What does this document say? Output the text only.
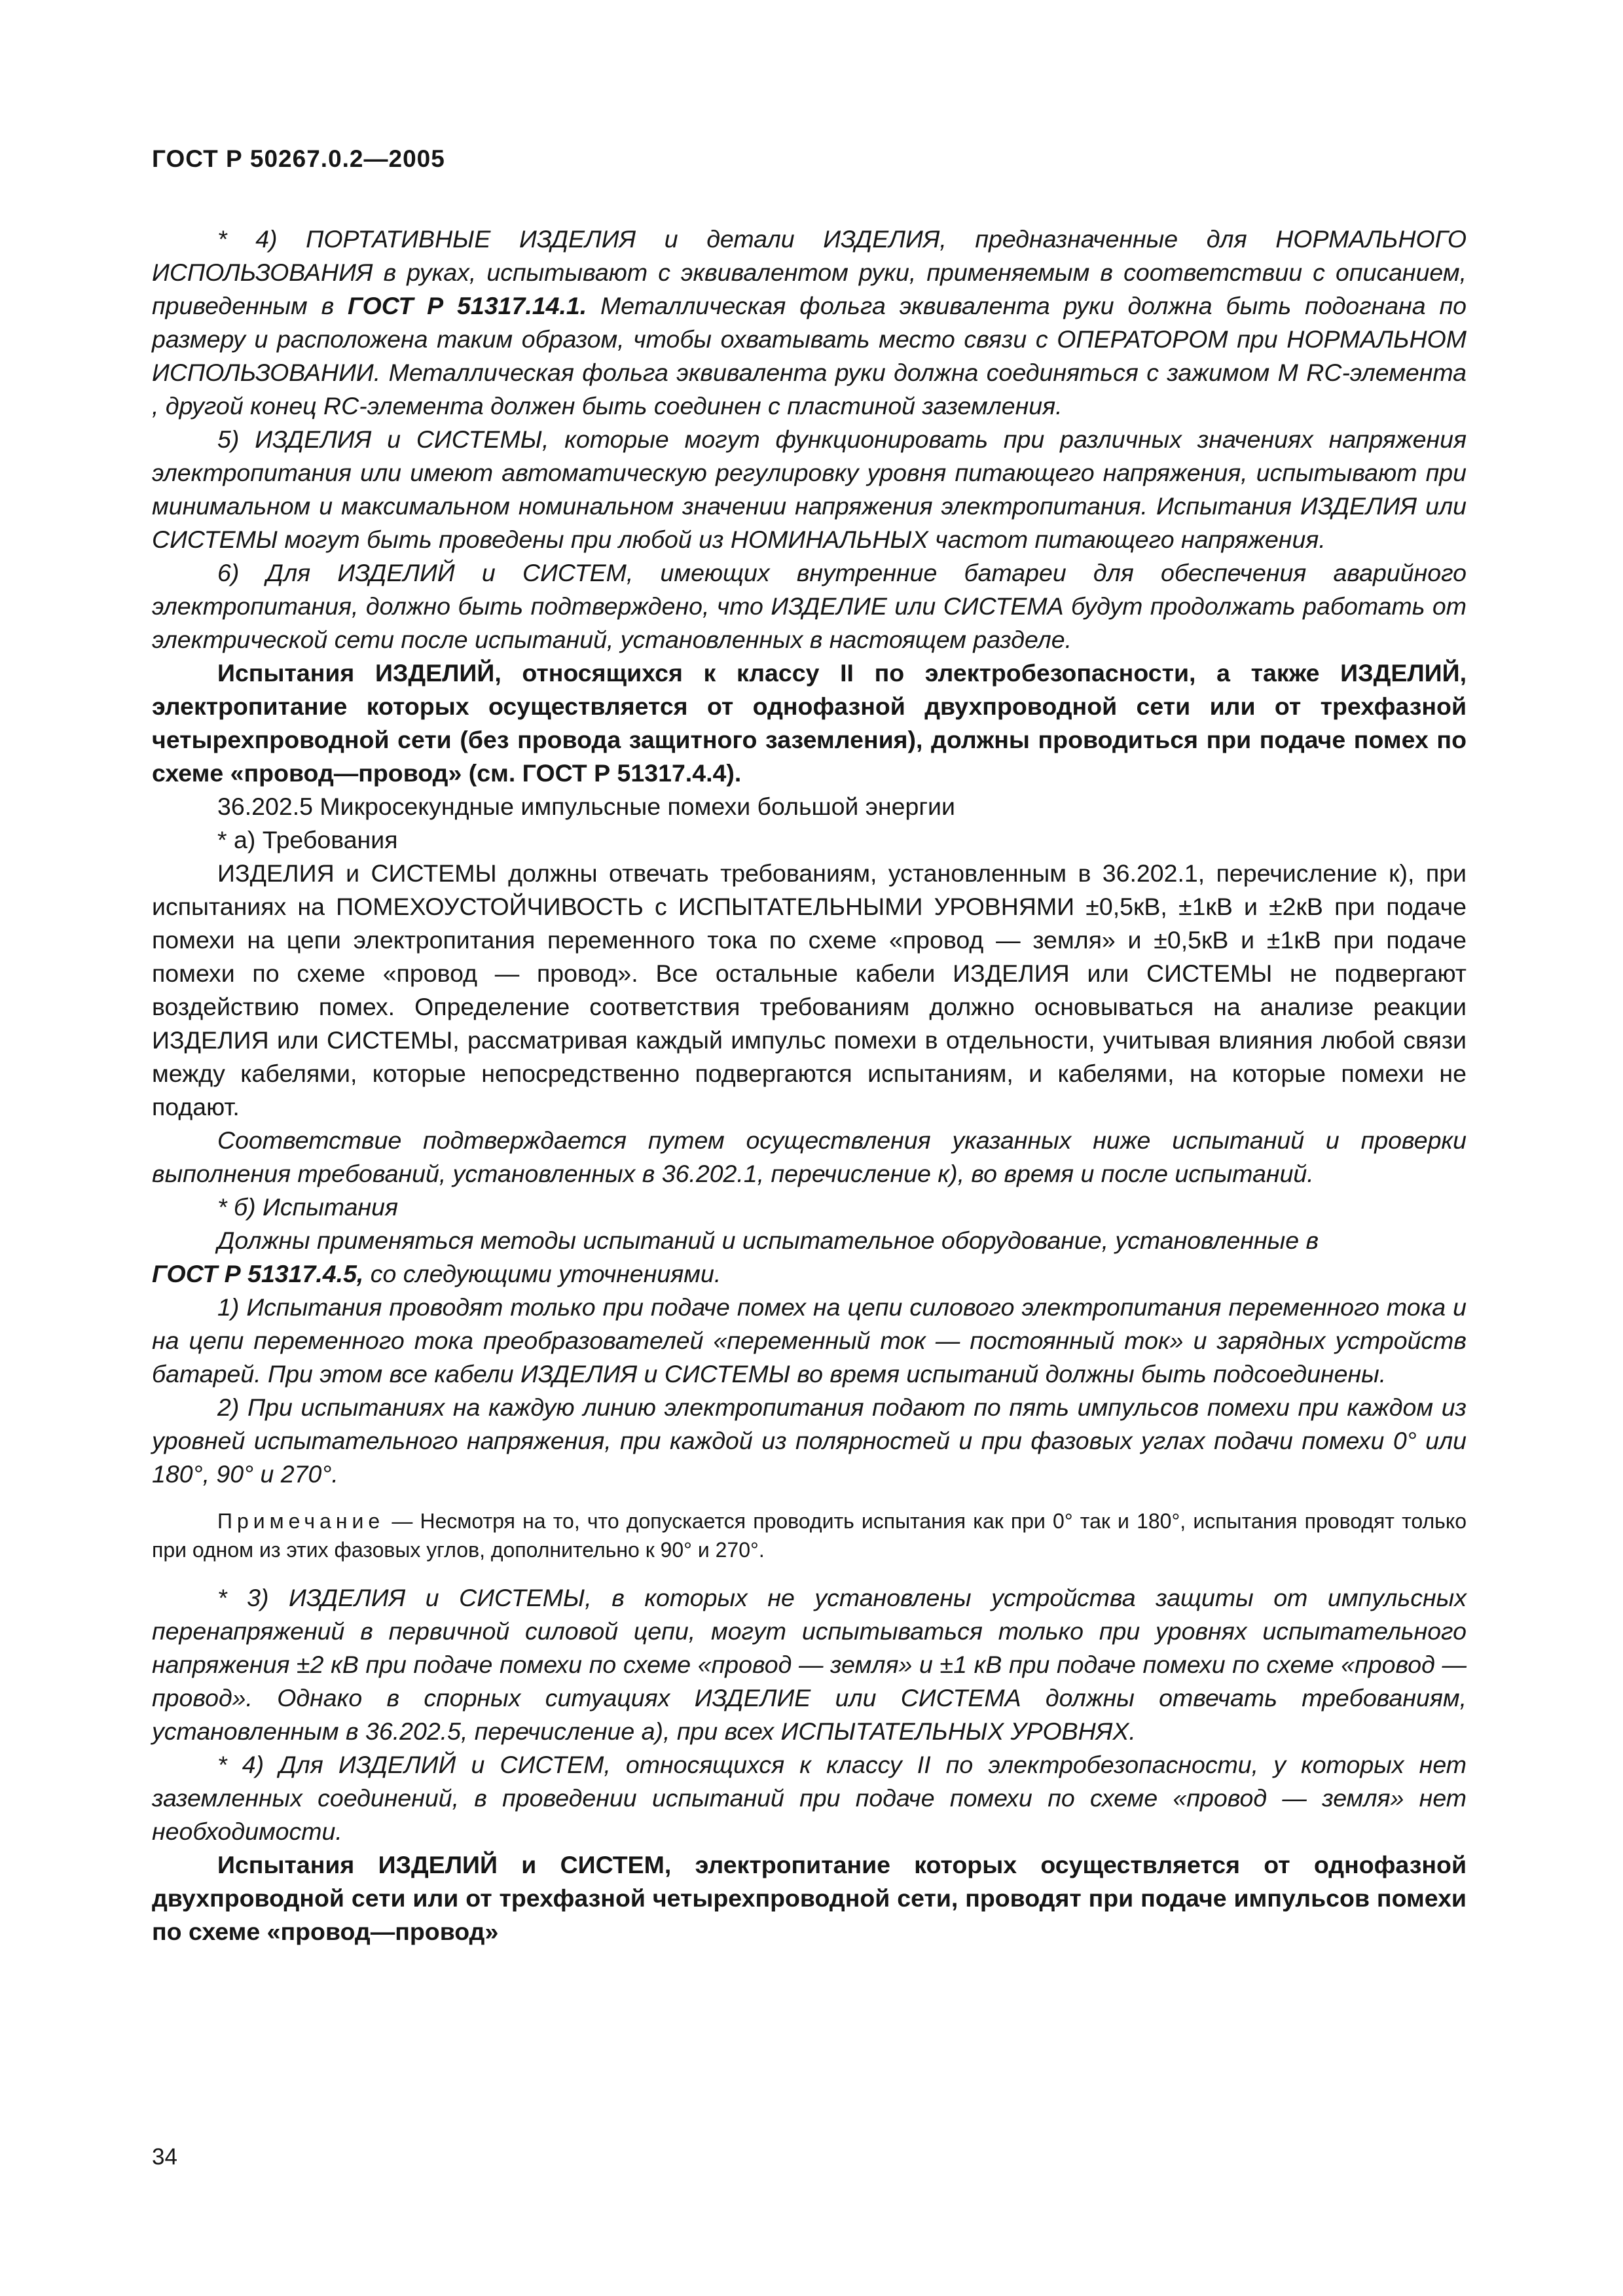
ГОСТ Р 50267.0.2—2005

* 4) ПОРТАТИВНЫЕ ИЗДЕЛИЯ и детали ИЗДЕЛИЯ, предназначенные для НОРМАЛЬНОГО ИСПОЛЬЗОВАНИЯ в руках, испытывают с эквивалентом руки, применяемым в соответствии с описанием, приведенным в ГОСТ Р 51317.14.1. Металлическая фольга эквивалента руки должна быть подогнана по размеру и расположена таким образом, чтобы охватывать место связи с ОПЕРАТОРОМ при НОРМАЛЬНОМ ИСПОЛЬЗОВАНИИ. Металлическая фольга эквивалента руки должна соединяться с зажимом M RC-элемента , другой конец RC-элемента должен быть соединен с пластиной заземления.

5) ИЗДЕЛИЯ и СИСТЕМЫ, которые могут функционировать при различных значениях напряжения электропитания или имеют автоматическую регулировку уровня питающего напряжения, испытывают при минимальном и максимальном номинальном значении напряжения электропитания. Испытания ИЗДЕЛИЯ или СИСТЕМЫ могут быть проведены при любой из НОМИНАЛЬНЫХ частот питающего напряжения.

6) Для ИЗДЕЛИЙ и СИСТЕМ, имеющих внутренние батареи для обеспечения аварийного электропитания, должно быть подтверждено, что ИЗДЕЛИЕ или СИСТЕМА будут продолжать работать от электрической сети после испытаний, установленных в настоящем разделе.

Испытания ИЗДЕЛИЙ, относящихся к классу II по электробезопасности, а также ИЗДЕЛИЙ, электропитание которых осуществляется от однофазной двухпроводной сети или от трехфазной четырехпроводной сети (без провода защитного заземления), должны проводиться при подаче помех по схеме «провод—провод» (см. ГОСТ Р 51317.4.4).

36.202.5 Микросекундные импульсные помехи большой энергии

* а) Требования

ИЗДЕЛИЯ и СИСТЕМЫ должны отвечать требованиям, установленным в 36.202.1, перечисление к), при испытаниях на ПОМЕХОУСТОЙЧИВОСТЬ с ИСПЫТАТЕЛЬНЫМИ УРОВНЯМИ ±0,5кВ, ±1кВ и ±2кВ при подаче помехи на цепи электропитания переменного тока по схеме «провод — земля» и ±0,5кВ и ±1кВ при подаче помехи по схеме «провод — провод». Все остальные кабели ИЗДЕЛИЯ или СИСТЕМЫ не подвергают воздействию помех. Определение соответствия требованиям должно основываться на анализе реакции ИЗДЕЛИЯ или СИСТЕМЫ, рассматривая каждый импульс помехи в отдельности, учитывая влияния любой связи между кабелями, которые непосредственно подвергаются испытаниям, и кабелями, на которые помехи не подают.

Соответствие подтверждается путем осуществления указанных ниже испытаний и проверки выполнения требований, установленных в 36.202.1, перечисление к), во время и после испытаний.

* б) Испытания

Должны применяться методы испытаний и испытательное оборудование, установленные в

ГОСТ Р 51317.4.5, со следующими уточнениями.

1) Испытания проводят только при подаче помех на цепи силового электропитания переменного тока и на цепи переменного тока преобразователей «переменный ток — постоянный ток» и зарядных устройств батарей. При этом все кабели ИЗДЕЛИЯ и СИСТЕМЫ во время испытаний должны быть подсоединены.

2) При испытаниях на каждую линию электропитания подают по пять импульсов помехи при каждом из уровней испытательного напряжения, при каждой из полярностей и при фазовых углах подачи помехи 0° или 180°, 90° и 270°.

Примечание — Несмотря на то, что допускается проводить испытания как при 0° так и 180°, испытания проводят только при одном из этих фазовых углов, дополнительно к 90° и 270°.

* 3) ИЗДЕЛИЯ и СИСТЕМЫ, в которых не установлены устройства защиты от импульсных перенапряжений в первичной силовой цепи, могут испытываться только при уровнях испытательного напряжения ±2 кВ при подаче помехи по схеме «провод — земля» и ±1 кВ при подаче помехи по схеме «провод — провод». Однако в спорных ситуациях ИЗДЕЛИЕ или СИСТЕМА должны отвечать требованиям, установленным в 36.202.5, перечисление а), при всех ИСПЫТАТЕЛЬНЫХ УРОВНЯХ.

* 4) Для ИЗДЕЛИЙ и СИСТЕМ, относящихся к классу II по электробезопасности, у которых нет заземленных соединений, в проведении испытаний при подаче помехи по схеме «провод — земля» нет необходимости.

Испытания ИЗДЕЛИЙ и СИСТЕМ, электропитание которых осуществляется от однофазной двухпроводной сети или от трехфазной четырехпроводной сети, проводят при подаче импульсов помехи по схеме «провод—провод»

34
